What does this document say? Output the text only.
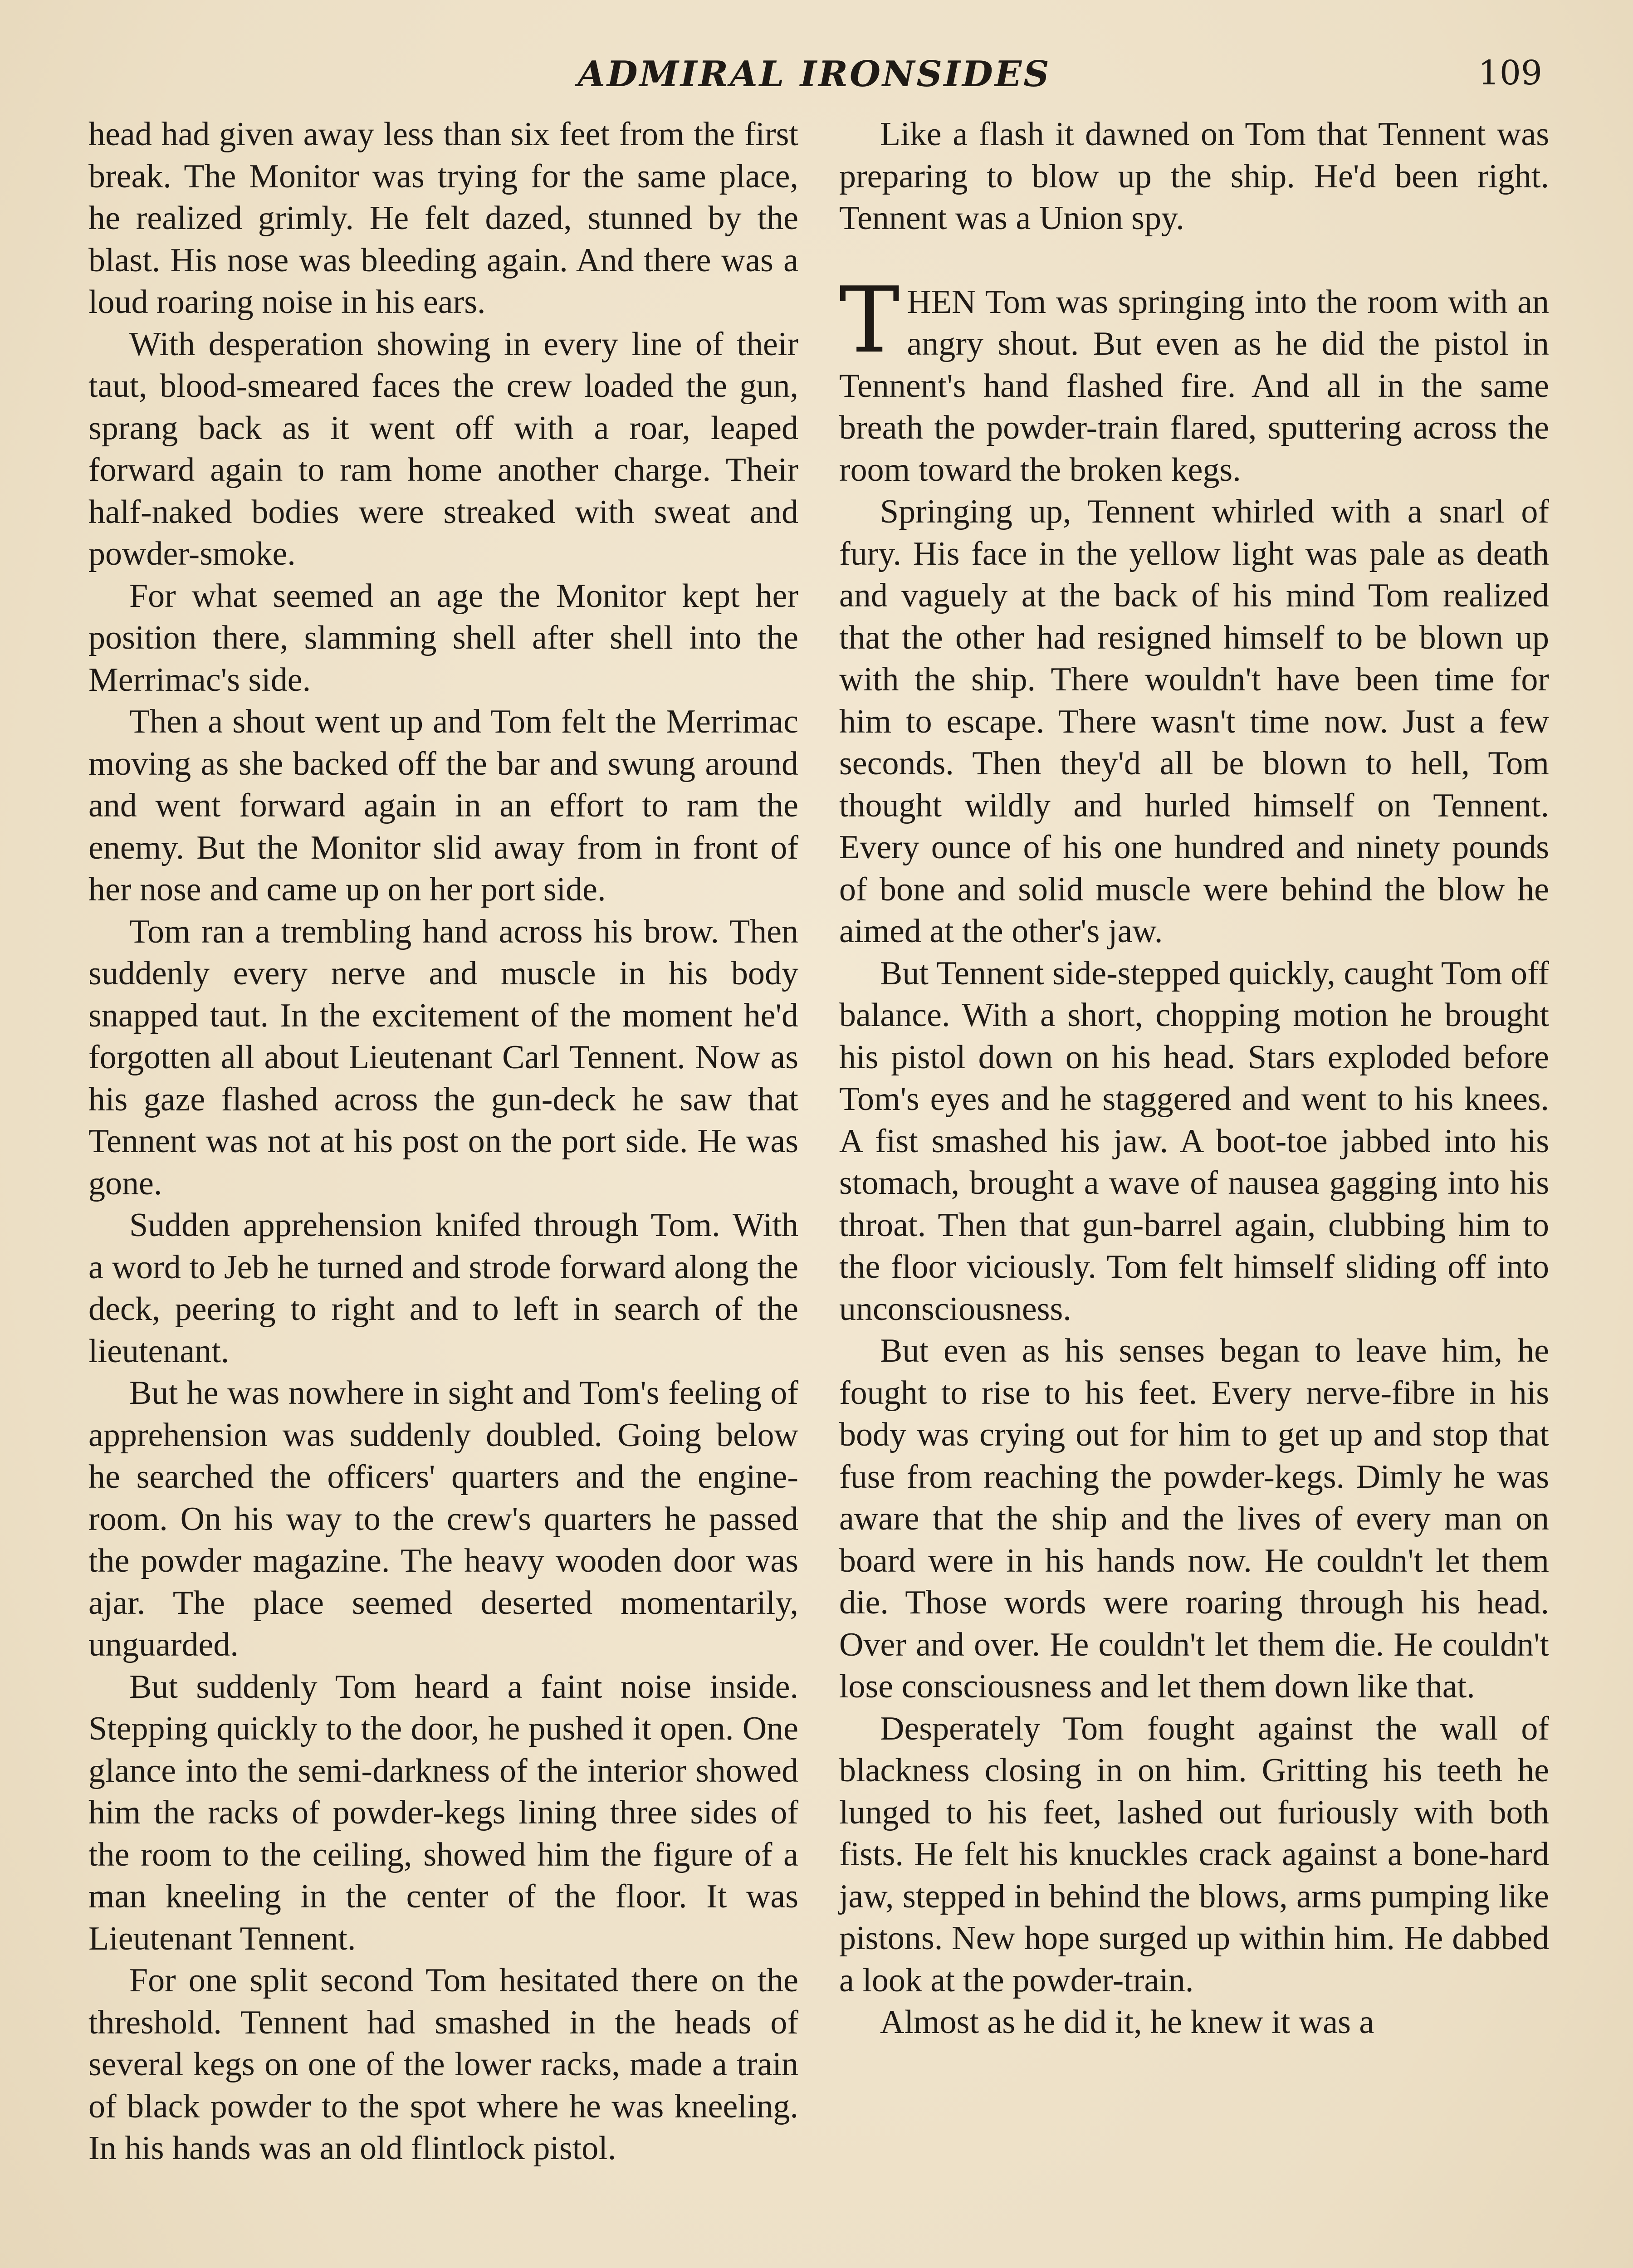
ADMIRAL IRONSIDES	109

head had given away less than six feet from the first break. The Monitor was trying for the same place, he realized grimly. He felt dazed, stunned by the blast. His nose was bleeding again. And there was a loud roaring noise in his ears.

With desperation showing in every line of their taut, blood-smeared faces the crew loaded the gun, sprang back as it went off with a roar, leaped forward again to ram home another charge. Their half-naked bodies were streaked with sweat and powder-smoke.

For what seemed an age the Monitor kept her position there, slamming shell after shell into the Merrimac's side.

Then a shout went up and Tom felt the Merrimac moving as she backed off the bar and swung around and went forward again in an effort to ram the enemy. But the Monitor slid away from in front of her nose and came up on her port side.

Tom ran a trembling hand across his brow. Then suddenly every nerve and muscle in his body snapped taut. In the excitement of the moment he'd forgotten all about Lieutenant Carl Tennent. Now as his gaze flashed across the gun-deck he saw that Tennent was not at his post on the port side. He was gone.

Sudden apprehension knifed through Tom. With a word to Jeb he turned and strode forward along the deck, peering to right and to left in search of the lieutenant.

But he was nowhere in sight and Tom's feeling of apprehension was suddenly doubled. Going below he searched the officers' quarters and the engine-room. On his way to the crew's quarters he passed the powder magazine. The heavy wooden door was ajar. The place seemed deserted momentarily, unguarded.

But suddenly Tom heard a faint noise inside. Stepping quickly to the door, he pushed it open. One glance into the semi-darkness of the interior showed him the racks of powder-kegs lining three sides of the room to the ceiling, showed him the figure of a man kneeling in the center of the floor. It was Lieutenant Tennent.

For one split second Tom hesitated there on the threshold. Tennent had smashed in the heads of several kegs on one of the lower racks, made a train of black powder to the spot where he was kneeling. In his hands was an old flintlock pistol.

Like a flash it dawned on Tom that Tennent was preparing to blow up the ship. He'd been right. Tennent was a Union spy.

THEN Tom was springing into the room with an angry shout. But even as he did the pistol in Tennent's hand flashed fire. And all in the same breath the powder-train flared, sputtering across the room toward the broken kegs.

Springing up, Tennent whirled with a snarl of fury. His face in the yellow light was pale as death and vaguely at the back of his mind Tom realized that the other had resigned himself to be blown up with the ship. There wouldn't have been time for him to escape. There wasn't time now. Just a few seconds. Then they'd all be blown to hell, Tom thought wildly and hurled himself on Tennent. Every ounce of his one hundred and ninety pounds of bone and solid muscle were behind the blow he aimed at the other's jaw.

But Tennent side-stepped quickly, caught Tom off balance. With a short, chopping motion he brought his pistol down on his head. Stars exploded before Tom's eyes and he staggered and went to his knees. A fist smashed his jaw. A boot-toe jabbed into his stomach, brought a wave of nausea gagging into his throat. Then that gun-barrel again, clubbing him to the floor viciously. Tom felt himself sliding off into unconsciousness.

But even as his senses began to leave him, he fought to rise to his feet. Every nerve-fibre in his body was crying out for him to get up and stop that fuse from reaching the powder-kegs. Dimly he was aware that the ship and the lives of every man on board were in his hands now. He couldn't let them die. Those words were roaring through his head. Over and over. He couldn't let them die. He couldn't lose consciousness and let them down like that.

Desperately Tom fought against the wall of blackness closing in on him. Gritting his teeth he lunged to his feet, lashed out furiously with both fists. He felt his knuckles crack against a bone-hard jaw, stepped in behind the blows, arms pumping like pistons. New hope surged up within him. He dabbed a look at the powder-train.

Almost as he did it, he knew it was a
